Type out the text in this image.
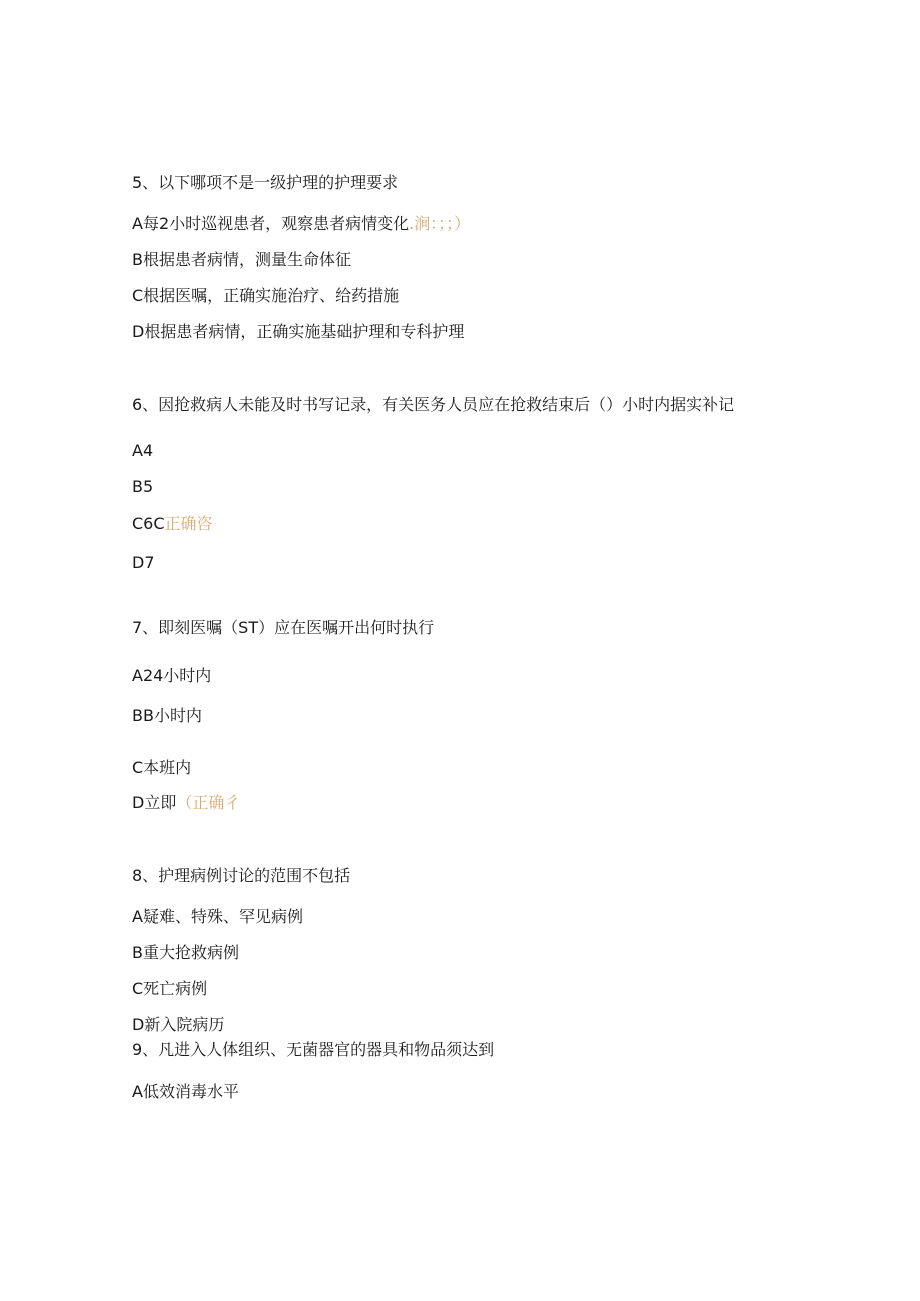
5、以下哪项不是一级护理的护理要求
A每2小时巡视患者，观察患者病情变化.涧：；；）
B根据患者病情，测量生命体征
C根据医嘱，正确实施治疗、给药措施
D根据患者病情，正确实施基础护理和专科护理
6、因抢救病人未能及时书写记录，有关医务人员应在抢救结束后（）小时内据实补记
A4
B5
C6C正确咨
D7
7、即刻医嘱（ST）应在医嘱开出何时执行
A24小时内
BB小时内
C本班内
D立即（正确彳
8、护理病例讨论的范围不包括
A疑难、特殊、罕见病例
B重大抢救病例
C死亡病例
D新入院病历
9、凡进入人体组织、无菌器官的器具和物品须达到
A低效消毒水平
